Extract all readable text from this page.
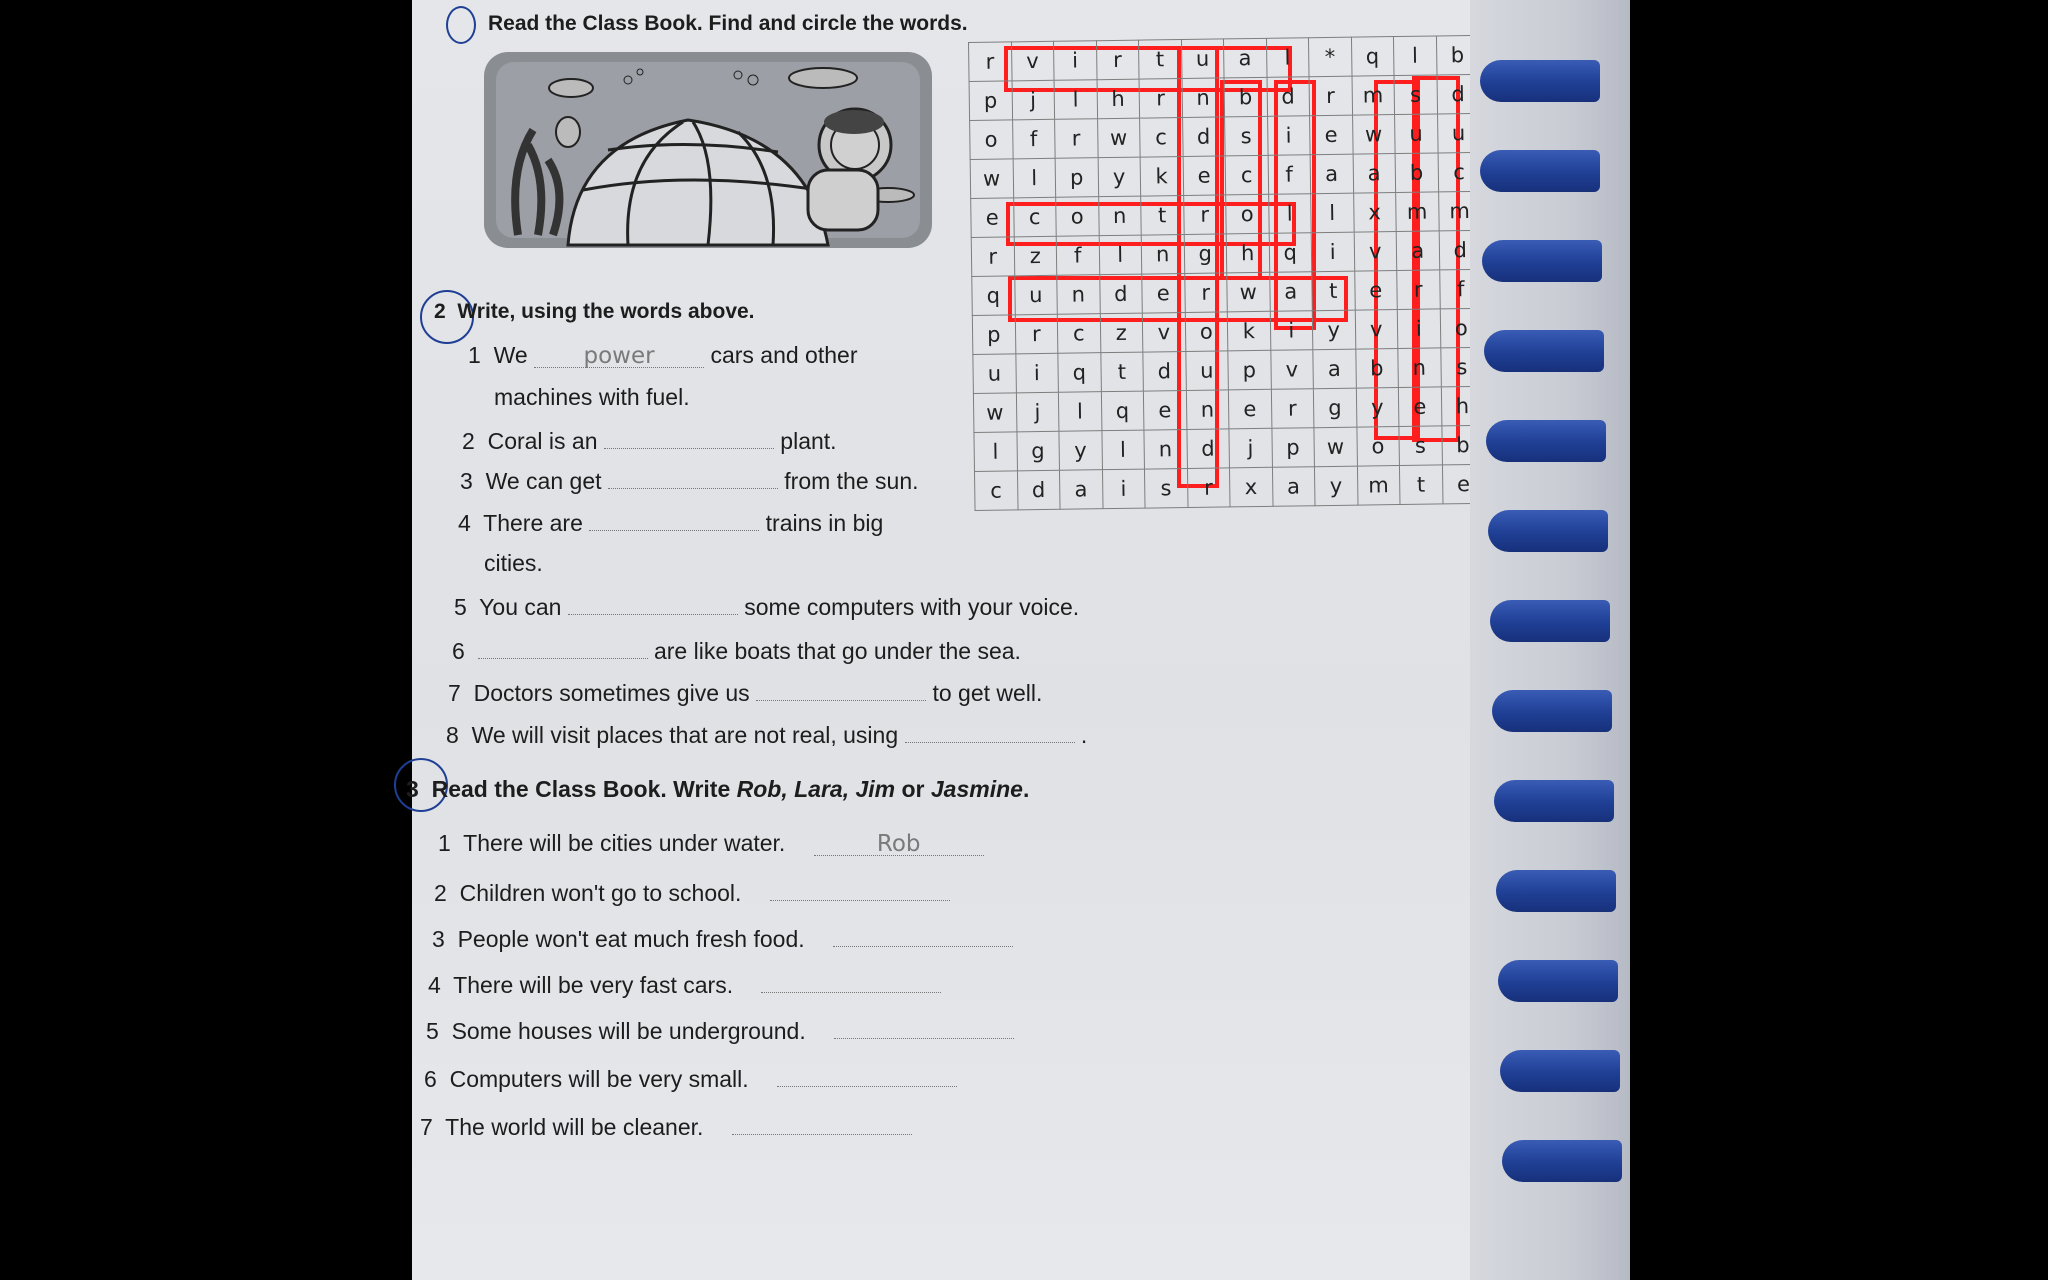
Read the Class Book. Find and circle the words.
2 Write, using the words above.
1 We power cars and other
machines with fuel.
2 Coral is an	plant.
3 We can get	from the sun.
4 There are	trains in big
cities.
5 You can	some computers with your voice.
6	are like boats that go under the sea.
7 Doctors sometimes give us	to get well.
8 We will visit places that are not real, using	.
3 Read the Class Book. Write Rob, Lara, Jim or Jasmine.
1 There will be cities under water.	Rob
2 Children won't go to school.
3 People won't eat much fresh food.
4 There will be very fast cars.
5 Some houses will be underground.
6 Computers will be very small.
7 The world will be cleaner.
r	v	i	r	t	u	a	l	*	q	l	b
p	j	l	h	r	n	b	d	r	m	s	d
o	f	r	w	c	d	s	i	e	w	u	u
w	l	p	y	k	e	c	f	a	a	b	c
e	c	o	n	t	r	o	l	l	x	m	m
r	z	f	l	n	g	h	q	i	v	a	d
q	u	n	d	e	r	w	a	t	e	r	f
p	r	c	z	v	o	k	i	y	v	i	o
u	i	q	t	d	u	p	v	a	b	n	s
w	j	l	q	e	n	e	r	g	y	e	h
l	g	y	l	n	d	j	p	w	o	s	b
c	d	a	i	s	r	x	a	y	m	t	e
